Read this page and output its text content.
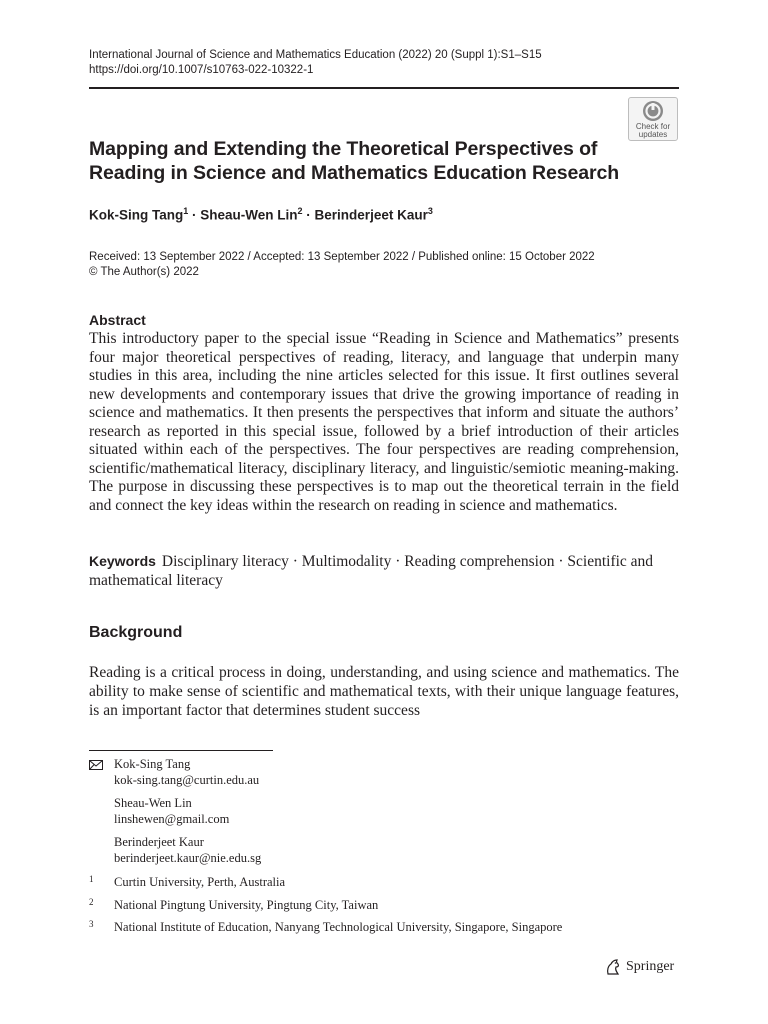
International Journal of Science and Mathematics Education (2022) 20 (Suppl 1):S1–S15
https://doi.org/10.1007/s10763-022-10322-1
Check for
updates
Mapping and Extending the Theoretical Perspectives of Reading in Science and Mathematics Education Research
Kok-Sing Tang$^1$ · Sheau-Wen Lin$^2$ · Berinderjeet Kaur$^3$
Received: 13 September 2022 / Accepted: 13 September 2022 / Published online: 15 October 2022
© The Author(s) 2022
Abstract

This introductory paper to the special issue “Reading in Science and Mathematics” presents four major theoretical perspectives of reading, literacy, and language that underpin many studies in this area, including the nine articles selected for this issue. It first outlines several new developments and contemporary issues that drive the growing importance of reading in science and mathematics. It then presents the perspectives that inform and situate the authors’ research as reported in this special issue, followed by a brief introduction of their articles situated within each of the perspectives. The four perspectives are reading comprehension, scientific/mathematical literacy, disciplinary literacy, and linguistic/semiotic meaning-making. The purpose in discussing these perspectives is to map out the theoretical terrain in the field and connect the key ideas within the research on reading in science and mathematics.

Keywords Disciplinary literacy · Multimodality · Reading comprehension · Scientific and mathematical literacy
Background

Reading is a critical process in doing, understanding, and using science and mathematics. The ability to make sense of scientific and mathematical texts, with their unique language features, is an important factor that determines student success

Kok-Sing Tang
kok-sing.tang@curtin.edu.au
Sheau-Wen Lin
linshewen@gmail.com
Berinderjeet Kaur
berinderjeet.kaur@nie.edu.sg
1 Curtin University, Perth, Australia
2 National Pingtung University, Pingtung City, Taiwan
3 National Institute of Education, Nanyang Technological University, Singapore, Singapore
Springer
